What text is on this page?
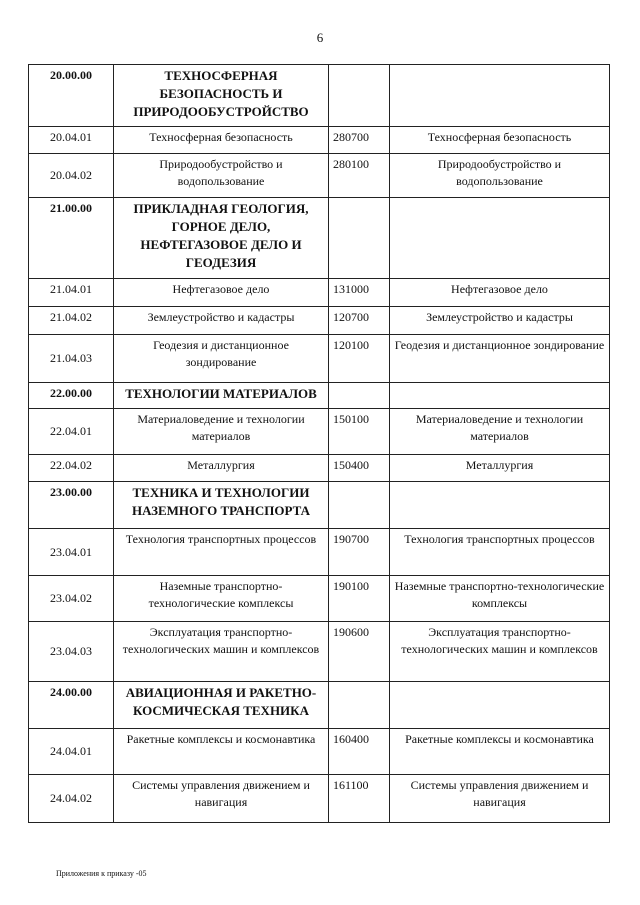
6
20.00.00	ТЕХНОСФЕРНАЯ БЕЗОПАСНОСТЬ И ПРИРОДООБУСТРОЙСТВО		
20.04.01	Техносферная безопасность	280700	Техносферная безопасность
20.04.02	Природообустройство и водопользование	280100	Природообустройство и водопользование
21.00.00	ПРИКЛАДНАЯ ГЕОЛОГИЯ, ГОРНОЕ ДЕЛО, НЕФТЕГАЗОВОЕ ДЕЛО И ГЕОДЕЗИЯ		
21.04.01	Нефтегазовое дело	131000	Нефтегазовое дело
21.04.02	Землеустройство и кадастры	120700	Землеустройство и кадастры
21.04.03	Геодезия и дистанционное зондирование	120100	Геодезия и дистанционное зондирование
22.00.00	ТЕХНОЛОГИИ МАТЕРИАЛОВ		
22.04.01	Материаловедение и технологии материалов	150100	Материаловедение и технологии материалов
22.04.02	Металлургия	150400	Металлургия
23.00.00	ТЕХНИКА И ТЕХНОЛОГИИ НАЗЕМНОГО ТРАНСПОРТА		
23.04.01	Технология транспортных процессов	190700	Технология транспортных процессов
23.04.02	Наземные транспортно-технологические комплексы	190100	Наземные транспортно-технологические комплексы
23.04.03	Эксплуатация транспортно-технологических машин и комплексов	190600	Эксплуатация транспортно-технологических машин и комплексов
24.00.00	АВИАЦИОННАЯ И РАКЕТНО-КОСМИЧЕСКАЯ ТЕХНИКА		
24.04.01	Ракетные комплексы и космонавтика	160400	Ракетные комплексы и космонавтика
24.04.02	Системы управления движением и навигация	161100	Системы управления движением и навигация
Приложения к приказу -05
